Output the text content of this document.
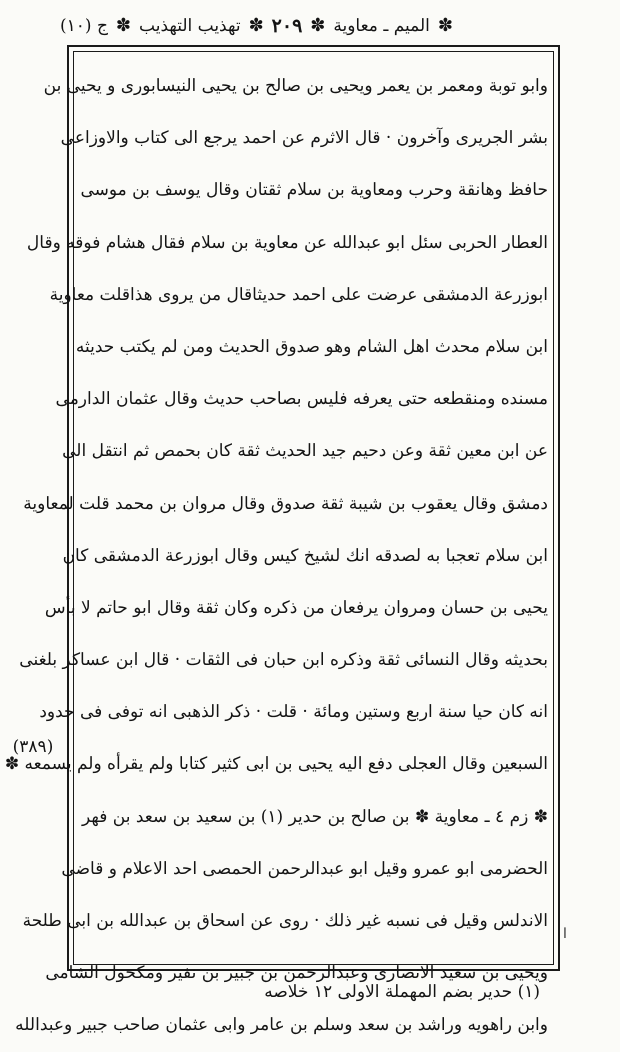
ج (١٠) ✽ تهذيب التهذيب ✽ ٢٠٩ ✽ الميم ـ معاوية ✽
وابو توبة ومعمر بن يعمر ويحيى بن صالح بن يحيى النيسابورى و يحيى بن
بشر الجريرى وآخرون · قال الاثرم عن احمد يرجع الى كتاب والاوزاعى
حافظ وهانقة وحرب ومعاوية بن سلام ثقتان وقال يوسف بن موسى
العطار الحربى سئل ابو عبدالله عن معاوية بن سلام فقال هشام فوقه وقال
ابوزرعة الدمشقى عرضت على احمد حديثاقال من يروى هذاقلت معاوية
ابن سلام محدث اهل الشام وهو صدوق الحديث ومن لم يكتب حديثه
مسنده ومنقطعه حتى يعرفه فليس بصاحب حديث وقال عثمان الدارمى
عن ابن معين ثقة وعن دحيم جيد الحديث ثقة كان بحمص ثم انتقل الى
دمشق وقال يعقوب بن شيبة ثقة صدوق وقال مروان بن محمد قلت لمعاوية
ابن سلام تعجبا به لصدقه انك لشيخ كيس وقال ابوزرعة الدمشقى كان
يحيى بن حسان ومروان يرفعان من ذكره وكان ثقة وقال ابو حاتم لا بأس
بحديثه وقال النسائى ثقة وذكره ابن حبان فى الثقات · قال ابن عساكر بلغنى
انه كان حيا سنة اربع وستين ومائة · قلت · ذكر الذهبى انه توفى فى حدود
السبعين وقال العجلى دفع اليه يحيى بن ابى كثير كتابا ولم يقرأه ولم يسمعه ✽
✽ زم ٤ ـ معاوية ✽ بن صالح بن حدير (١) بن سعيد بن سعد بن فهر
الحضرمى ابو عمرو وقيل ابو عبدالرحمن الحمصى احد الاعلام و قاضى
الاندلس وقيل فى نسبه غير ذلك · روى عن اسحاق بن عبدالله بن ابى طلحة
ويحيى بن سعيد الانصارى وعبدالرحمن بن جبير بن نفير ومكحول الشامى
وابن راهويه وراشد بن سعد وسلم بن عامر وابى عثمان صاحب جبير وعبدالله
(٣٨٩)
ا
(١) حدير بضم المهملة الاولى ١٢ خلاصه
